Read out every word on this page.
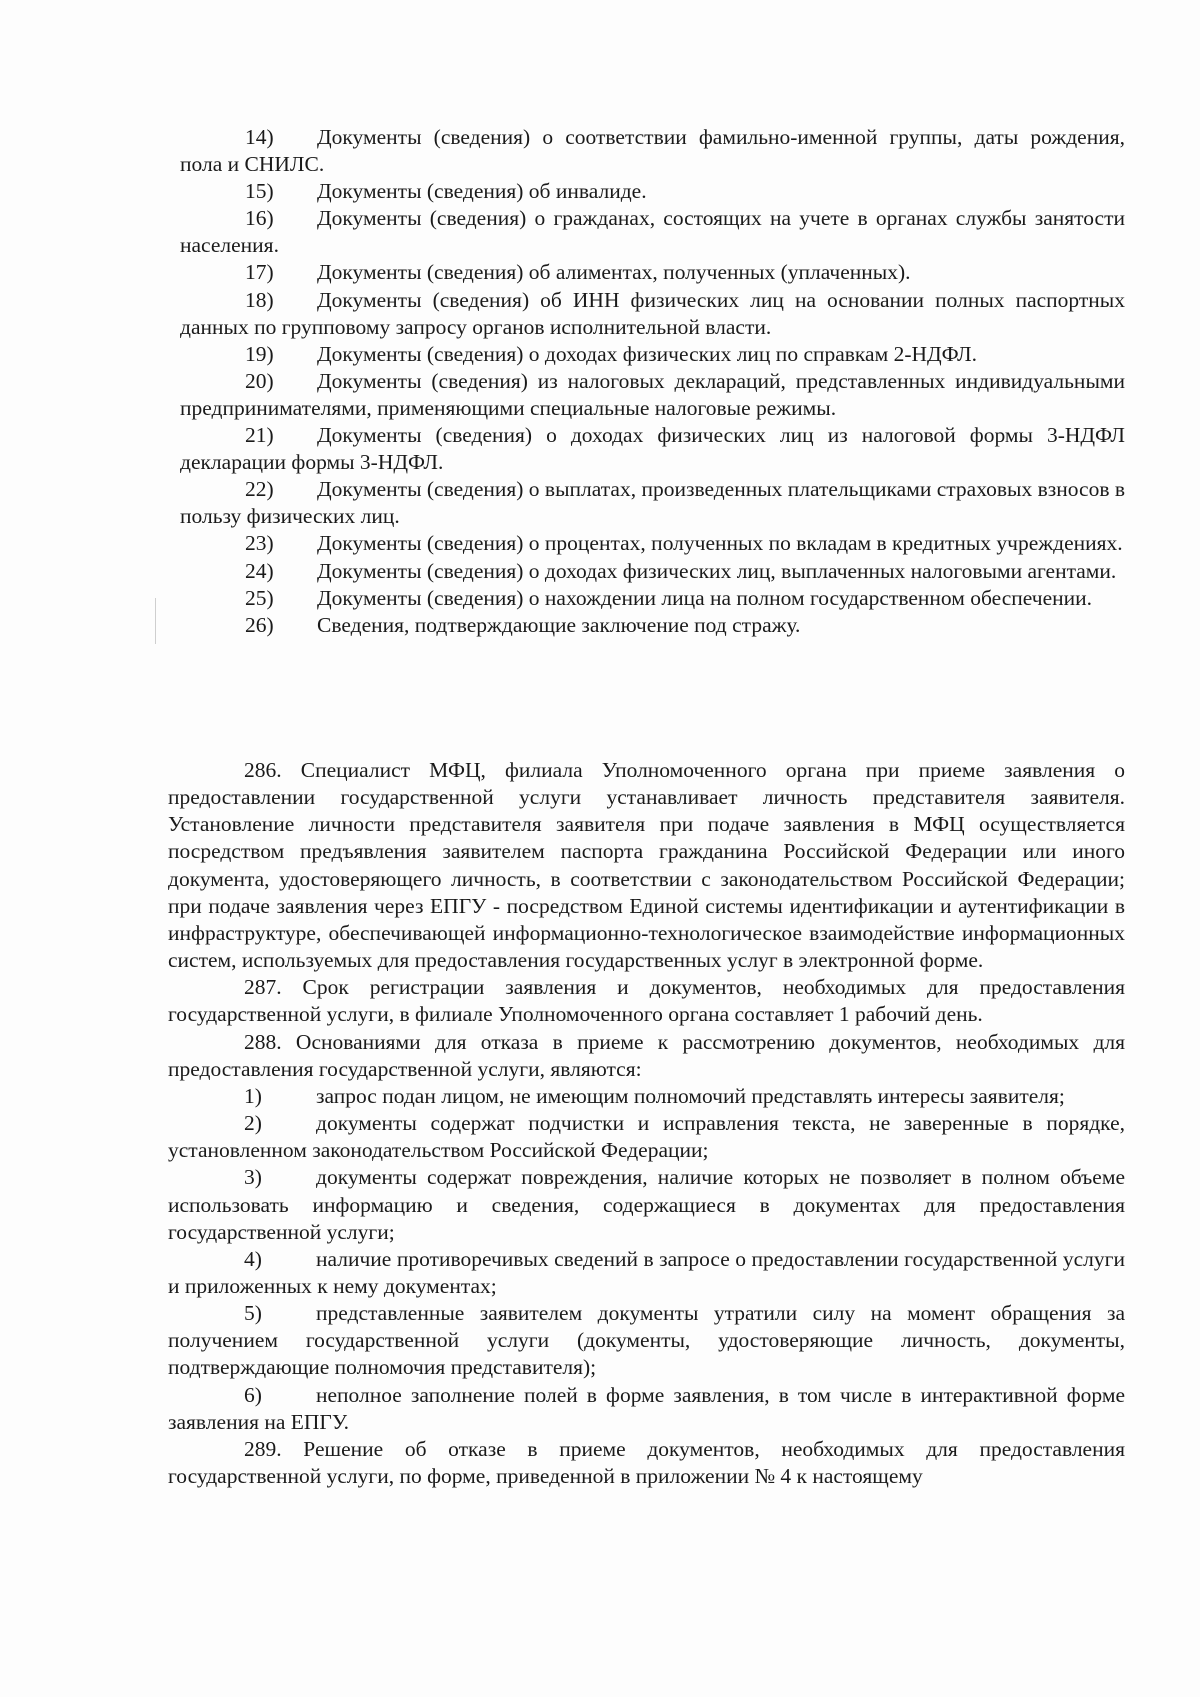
14) Документы (сведения) о соответствии фамильно-именной группы, даты рождения, пола и СНИЛС.

15) Документы (сведения) об инвалиде.

16) Документы (сведения) о гражданах, состоящих на учете в органах службы занятости населения.

17) Документы (сведения) об алиментах, полученных (уплаченных).

18) Документы (сведения) об ИНН физических лиц на основании полных паспортных данных по групповому запросу органов исполнительной власти.

19) Документы (сведения) о доходах физических лиц по справкам 2-НДФЛ.

20) Документы (сведения) из налоговых деклараций, представленных индивидуальными предпринимателями, применяющими специальные налоговые режимы.

21) Документы (сведения) о доходах физических лиц из налоговой формы 3-НДФЛ декларации формы 3-НДФЛ.

22) Документы (сведения) о выплатах, произведенных плательщиками страховых взносов в пользу физических лиц.

23) Документы (сведения) о процентах, полученных по вкладам в кредитных учреждениях.

24) Документы (сведения) о доходах физических лиц, выплаченных налоговыми агентами.

25) Документы (сведения) о нахождении лица на полном государственном обеспечении.

26) Сведения, подтверждающие заключение под стражу.

286. Специалист МФЦ, филиала Уполномоченного органа при приеме заявления о предоставлении государственной услуги устанавливает личность представителя заявителя. Установление личности представителя заявителя при подаче заявления в МФЦ осуществляется посредством предъявления заявителем паспорта гражданина Российской Федерации или иного документа, удостоверяющего личность, в соответствии с законодательством Российской Федерации; при подаче заявления через ЕПГУ - посредством Единой системы идентификации и аутентификации в инфраструктуре, обеспечивающей информационно-технологическое взаимодействие информационных систем, используемых для предоставления государственных услуг в электронной форме.

287. Срок регистрации заявления и документов, необходимых для предоставления государственной услуги, в филиале Уполномоченного органа составляет 1 рабочий день.

288. Основаниями для отказа в приеме к рассмотрению документов, необходимых для предоставления государственной услуги, являются:

1)	запрос подан лицом, не имеющим полномочий представлять интересы заявителя;

2)	документы содержат подчистки и исправления текста, не заверенные в порядке, установленном законодательством Российской Федерации;

3)	документы содержат повреждения, наличие которых не позволяет в полном объеме использовать информацию и сведения, содержащиеся в документах для предоставления государственной услуги;

4)	наличие противоречивых сведений в запросе о предоставлении государственной услуги и приложенных к нему документах;

5)	представленные заявителем документы утратили силу на момент обращения за получением государственной услуги (документы, удостоверяющие личность, документы, подтверждающие полномочия представителя);

6)	неполное заполнение полей в форме заявления, в том числе в интерактивной форме заявления на ЕПГУ.

289. Решение об отказе в приеме документов, необходимых для предоставления государственной услуги, по форме, приведенной в приложении № 4 к настоящему
